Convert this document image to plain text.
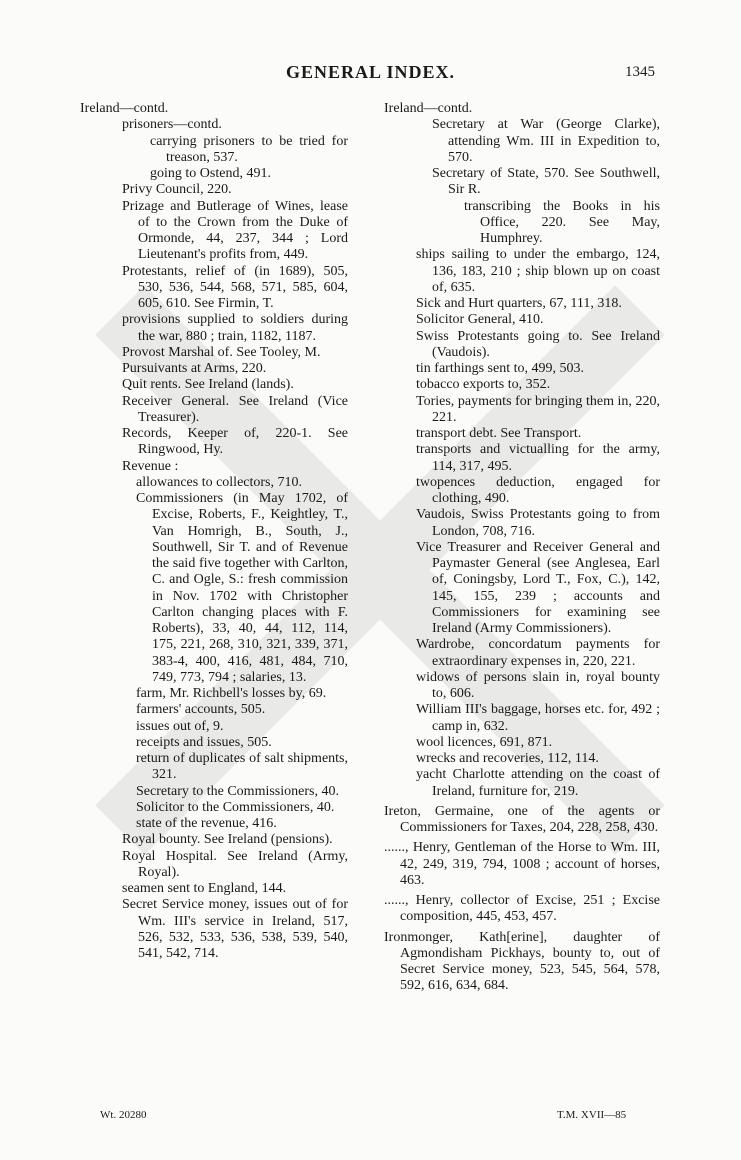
GENERAL INDEX.	1345
Ireland—contd.
prisoners—contd.
carrying prisoners to be tried for treason, 537.
going to Ostend, 491.
Privy Council, 220.
Prizage and Butlerage of Wines, lease of to the Crown from the Duke of Ormonde, 44, 237, 344 ; Lord Lieutenant's profits from, 449.
Protestants, relief of (in 1689), 505, 530, 536, 544, 568, 571, 585, 604, 605, 610. See Firmin, T.
provisions supplied to soldiers during the war, 880 ; train, 1182, 1187.
Provost Marshal of. See Tooley, M.
Pursuivants at Arms, 220.
Quit rents. See Ireland (lands).
Receiver General. See Ireland (Vice Treasurer).
Records, Keeper of, 220-1. See Ringwood, Hy.
Revenue :
allowances to collectors, 710.
Commissioners (in May 1702, of Excise, Roberts, F., Keightley, T., Van Homrigh, B., South, J., Southwell, Sir T. and of Revenue the said five together with Carlton, C. and Ogle, S.: fresh commission in Nov. 1702 with Christopher Carlton changing places with F. Roberts), 33, 40, 44, 112, 114, 175, 221, 268, 310, 321, 339, 371, 383-4, 400, 416, 481, 484, 710, 749, 773, 794 ; salaries, 13.
farm, Mr. Richbell's losses by, 69.
farmers' accounts, 505.
issues out of, 9.
receipts and issues, 505.
return of duplicates of salt shipments, 321.
Secretary to the Commissioners, 40.
Solicitor to the Commissioners, 40.
state of the revenue, 416.
Royal bounty. See Ireland (pensions).
Royal Hospital. See Ireland (Army, Royal).
seamen sent to England, 144.
Secret Service money, issues out of for Wm. III's service in Ireland, 517, 526, 532, 533, 536, 538, 539, 540, 541, 542, 714.
Ireland—contd.
Secretary at War (George Clarke), attending Wm. III in Expedition to, 570.
Secretary of State, 570. See Southwell, Sir R.
transcribing the Books in his Office, 220. See May, Humphrey.
ships sailing to under the embargo, 124, 136, 183, 210 ; ship blown up on coast of, 635.
Sick and Hurt quarters, 67, 111, 318.
Solicitor General, 410.
Swiss Protestants going to. See Ireland (Vaudois).
tin farthings sent to, 499, 503.
tobacco exports to, 352.
Tories, payments for bringing them in, 220, 221.
transport debt. See Transport.
transports and victualling for the army, 114, 317, 495.
twopences deduction, engaged for clothing, 490.
Vaudois, Swiss Protestants going to from London, 708, 716.
Vice Treasurer and Receiver General and Paymaster General (see Anglesea, Earl of, Coningsby, Lord T., Fox, C.), 142, 145, 155, 239 ; accounts and Commissioners for examining see Ireland (Army Commissioners).
Wardrobe, concordatum payments for extraordinary expenses in, 220, 221.
widows of persons slain in, royal bounty to, 606.
William III's baggage, horses etc. for, 492 ; camp in, 632.
wool licences, 691, 871.
wrecks and recoveries, 112, 114.
yacht Charlotte attending on the coast of Ireland, furniture for, 219.
Ireton, Germaine, one of the agents or Commissioners for Taxes, 204, 228, 258, 430.
......, Henry, Gentleman of the Horse to Wm. III, 42, 249, 319, 794, 1008 ; account of horses, 463.
......, Henry, collector of Excise, 251 ; Excise composition, 445, 453, 457.
Ironmonger, Kath[erine], daughter of Agmondisham Pickhays, bounty to, out of Secret Service money, 523, 545, 564, 578, 592, 616, 634, 684.
Wt. 20280	T.M. XVII—85
